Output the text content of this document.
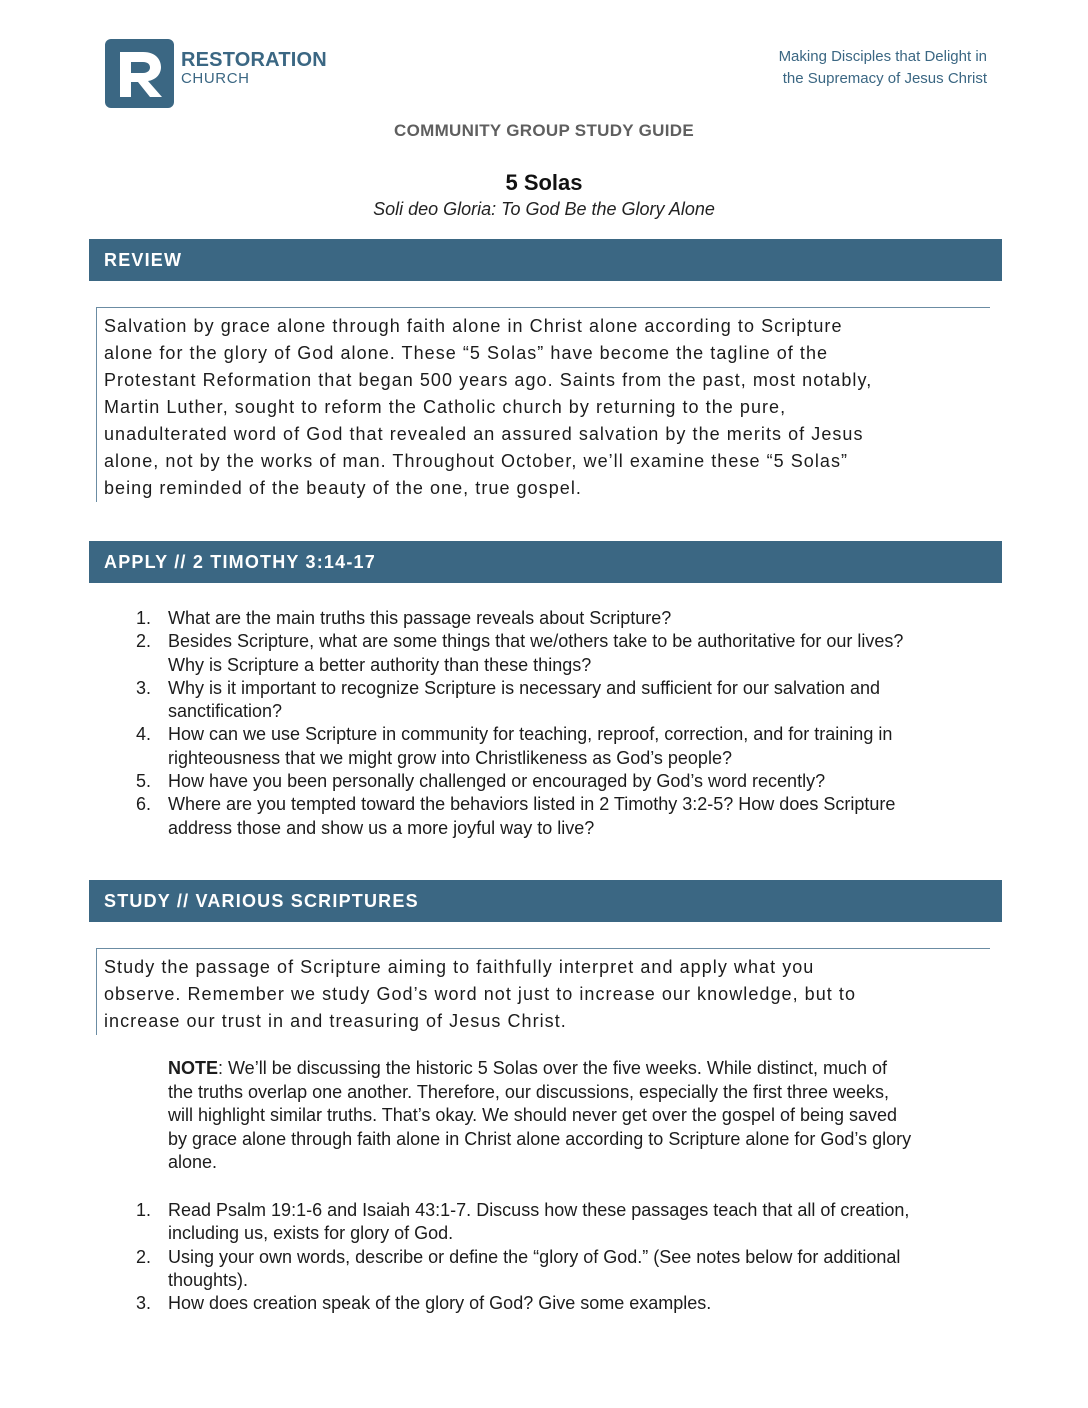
RESTORATION
CHURCH
Making Disciples that Delight in
the Supremacy of Jesus Christ
COMMUNITY GROUP STUDY GUIDE
5 Solas
Soli deo Gloria: To God Be the Glory Alone
REVIEW
Salvation by grace alone through faith alone in Christ alone according to Scripture
alone for the glory of God alone. These “5 Solas” have become the tagline of the
Protestant Reformation that began 500 years ago. Saints from the past, most notably,
Martin Luther, sought to reform the Catholic church by returning to the pure,
unadulterated word of God that revealed an assured salvation by the merits of Jesus
alone, not by the works of man. Throughout October, we’ll examine these “5 Solas”
being reminded of the beauty of the one, true gospel.
APPLY // 2 TIMOTHY 3:14-17
1. What are the main truths this passage reveals about Scripture?
2. Besides Scripture, what are some things that we/others take to be authoritative for our lives?
Why is Scripture a better authority than these things?
3. Why is it important to recognize Scripture is necessary and sufficient for our salvation and
sanctification?
4. How can we use Scripture in community for teaching, reproof, correction, and for training in
righteousness that we might grow into Christlikeness as God’s people?
5. How have you been personally challenged or encouraged by God’s word recently?
6. Where are you tempted toward the behaviors listed in 2 Timothy 3:2-5? How does Scripture
address those and show us a more joyful way to live?
STUDY // VARIOUS SCRIPTURES
Study the passage of Scripture aiming to faithfully interpret and apply what you
observe. Remember we study God’s word not just to increase our knowledge, but to
increase our trust in and treasuring of Jesus Christ.
NOTE: We’ll be discussing the historic 5 Solas over the five weeks. While distinct, much of
the truths overlap one another. Therefore, our discussions, especially the first three weeks,
will highlight similar truths. That’s okay. We should never get over the gospel of being saved
by grace alone through faith alone in Christ alone according to Scripture alone for God’s glory
alone.
1. Read Psalm 19:1-6 and Isaiah 43:1-7. Discuss how these passages teach that all of creation,
including us, exists for glory of God.
2. Using your own words, describe or define the “glory of God.” (See notes below for additional
thoughts).
3. How does creation speak of the glory of God? Give some examples.
